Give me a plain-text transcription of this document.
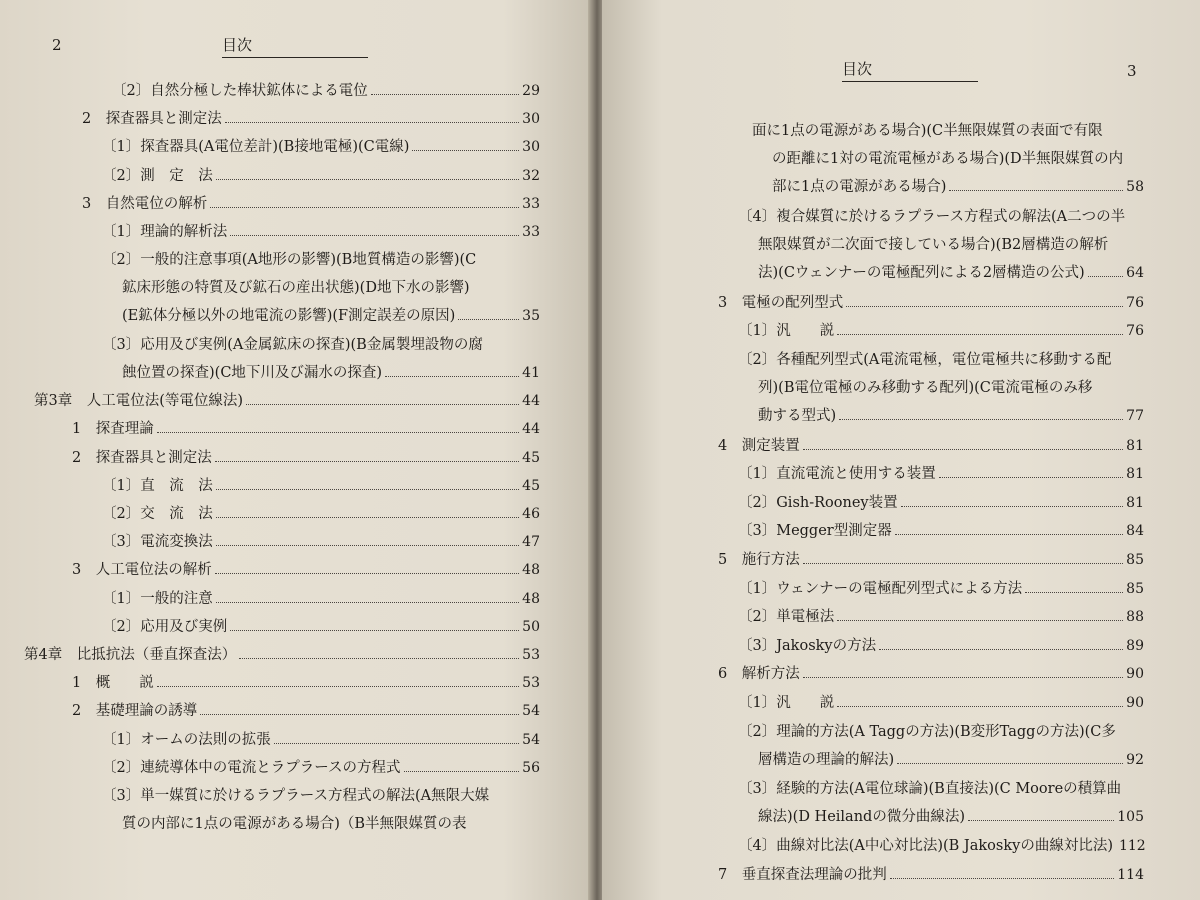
2	目次
〔2〕自然分極した棒状鉱体による電位	29
2　探査器具と測定法	30
〔1〕探査器具(A電位差計)(B接地電極)(C電線)	30
〔2〕測　定　法	32
3　自然電位の解析	33
〔1〕理論的解析法	33
〔2〕一般的注意事項(A地形の影響)(B地質構造の影響)(C
鉱床形態の特質及び鉱石の産出状態)(D地下水の影響)
(E鉱体分極以外の地電流の影響)(F測定誤差の原因)	35
〔3〕応用及び実例(A金属鉱床の探査)(B金属製埋設物の腐
蝕位置の探査)(C地下川及び漏水の探査)	41
第3章　人工電位法(等電位線法)	44
1　探査理論	44
2　探査器具と測定法	45
〔1〕直　流　法	45
〔2〕交　流　法	46
〔3〕電流変換法	47
3　人工電位法の解析	48
〔1〕一般的注意	48
〔2〕応用及び実例	50
第4章　比抵抗法（垂直探査法）	53
1　概　　説	53
2　基礎理論の誘導	54
〔1〕オームの法則の拡張	54
〔2〕連続導体中の電流とラプラースの方程式	56
〔3〕単一媒質に於けるラプラース方程式の解法(A無限大媒
質の内部に1点の電源がある場合)（B半無限媒質の表
3
目次
面に1点の電源がある場合)(C半無限媒質の表面で有限
の距離に1対の電流電極がある場合)(D半無限媒質の内
部に1点の電源がある場合)	58
〔4〕複合媒質に於けるラプラース方程式の解法(A二つの半
無限媒質が二次面で接している場合)(B2層構造の解析
法)(Cウェンナーの電極配列による2層構造の公式)	64
3　電極の配列型式	76
〔1〕汎　　説	76
〔2〕各種配列型式(A電流電極，電位電極共に移動する配
列)(B電位電極のみ移動する配列)(C電流電極のみ移
動する型式)	77
4　測定装置	81
〔1〕直流電流と使用する装置	81
〔2〕Gish-Rooney装置	81
〔3〕Megger型測定器	84
5　施行方法	85
〔1〕ウェンナーの電極配列型式による方法	85
〔2〕単電極法	88
〔3〕Jakoskyの方法	89
6　解析方法	90
〔1〕汎　　説	90
〔2〕理論的方法(A Taggの方法)(B変形Taggの方法)(C多
層構造の理論的解法)	92
〔3〕経験的方法(A電位球論)(B直接法)(C Mooreの積算曲
線法)(D Heilandの微分曲線法)	105
〔4〕曲線対比法(A中心対比法)(B Jakoskyの曲線対比法) 112
7　垂直探査法理論の批判	114
